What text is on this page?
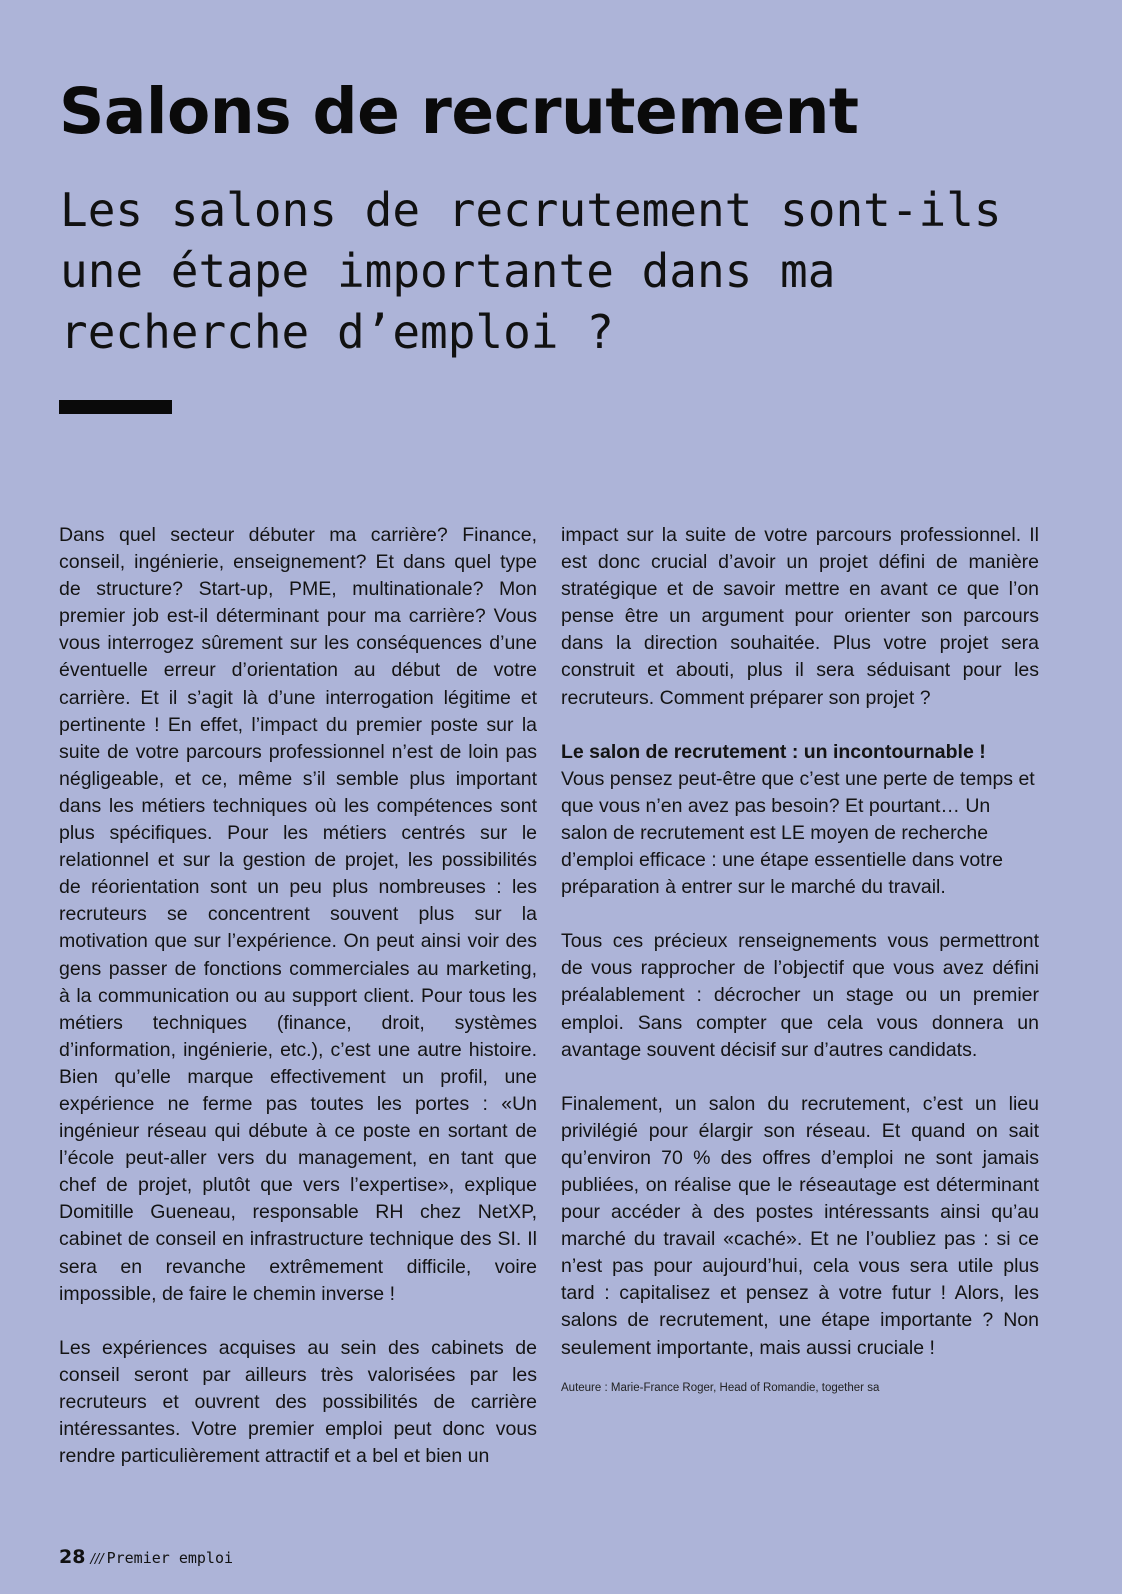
Salons de recrutement
Les salons de recrutement sont-ils une étape importante dans ma recherche d’emploi ?

Dans quel secteur débuter ma carrière? Finance, conseil, ingénierie, enseignement? Et dans quel type de structure? Start-up, PME, multinationale? Mon premier job est-il déterminant pour ma carrière? Vous vous interrogez sûrement sur les conséquences d’une éventuelle erreur d’orientation au début de votre carrière. Et il s’agit là d’une interrogation légitime et pertinente ! En effet, l’impact du premier poste sur la suite de votre parcours professionnel n’est de loin pas négligeable, et ce, même s’il semble plus important dans les métiers techniques où les compétences sont plus spécifiques. Pour les métiers centrés sur le relationnel et sur la gestion de projet, les possibilités de réorientation sont un peu plus nombreuses : les recruteurs se concentrent souvent plus sur la motivation que sur l’expérience. On peut ainsi voir des gens passer de fonctions commerciales au marketing, à la communication ou au support client. Pour tous les métiers techniques (finance, droit, systèmes d’information, ingénierie, etc.), c’est une autre histoire. Bien qu’elle marque effectivement un profil, une expérience ne ferme pas toutes les portes : «Un ingénieur réseau qui débute à ce poste en sortant de l’école peut-aller vers du management, en tant que chef de projet, plutôt que vers l’expertise», explique Domitille Gueneau, responsable RH chez NetXP, cabinet de conseil en infrastructure technique des SI. Il sera en revanche extrêmement difficile, voire impossible, de faire le chemin inverse !

Les expériences acquises au sein des cabinets de conseil seront par ailleurs très valorisées par les recruteurs et ouvrent des possibilités de carrière intéressantes. Votre premier emploi peut donc vous rendre particulièrement attractif et a bel et bien un

impact sur la suite de votre parcours professionnel. Il est donc crucial d’avoir un projet défini de manière stratégique et de savoir mettre en avant ce que l’on pense être un argument pour orienter son parcours dans la direction souhaitée. Plus votre projet sera construit et abouti, plus il sera séduisant pour les recruteurs. Comment préparer son projet ?

Le salon de recrutement : un incontournable !
Vous pensez peut-être que c’est une perte de temps et que vous n’en avez pas besoin? Et pourtant… Un salon de recrutement est LE moyen de recherche d’emploi efficace : une étape essentielle dans votre préparation à entrer sur le marché du travail.

Tous ces précieux renseignements vous permettront de vous rapprocher de l’objectif que vous avez défini préalablement : décrocher un stage ou un premier emploi. Sans compter que cela vous donnera un avantage souvent décisif sur d’autres candidats.

Finalement, un salon du recrutement, c’est un lieu privilégié pour élargir son réseau. Et quand on sait qu’environ 70 % des offres d’emploi ne sont jamais publiées, on réalise que le réseautage est déterminant pour accéder à des postes intéressants ainsi qu’au marché du travail «caché». Et ne l’oubliez pas : si ce n’est pas pour aujourd’hui, cela vous sera utile plus tard : capitalisez et pensez à votre futur ! Alors, les salons de recrutement, une étape importante ? Non seulement importante, mais aussi cruciale !

Auteure : Marie-France Roger, Head of Romandie, together sa
28 /// Premier emploi
